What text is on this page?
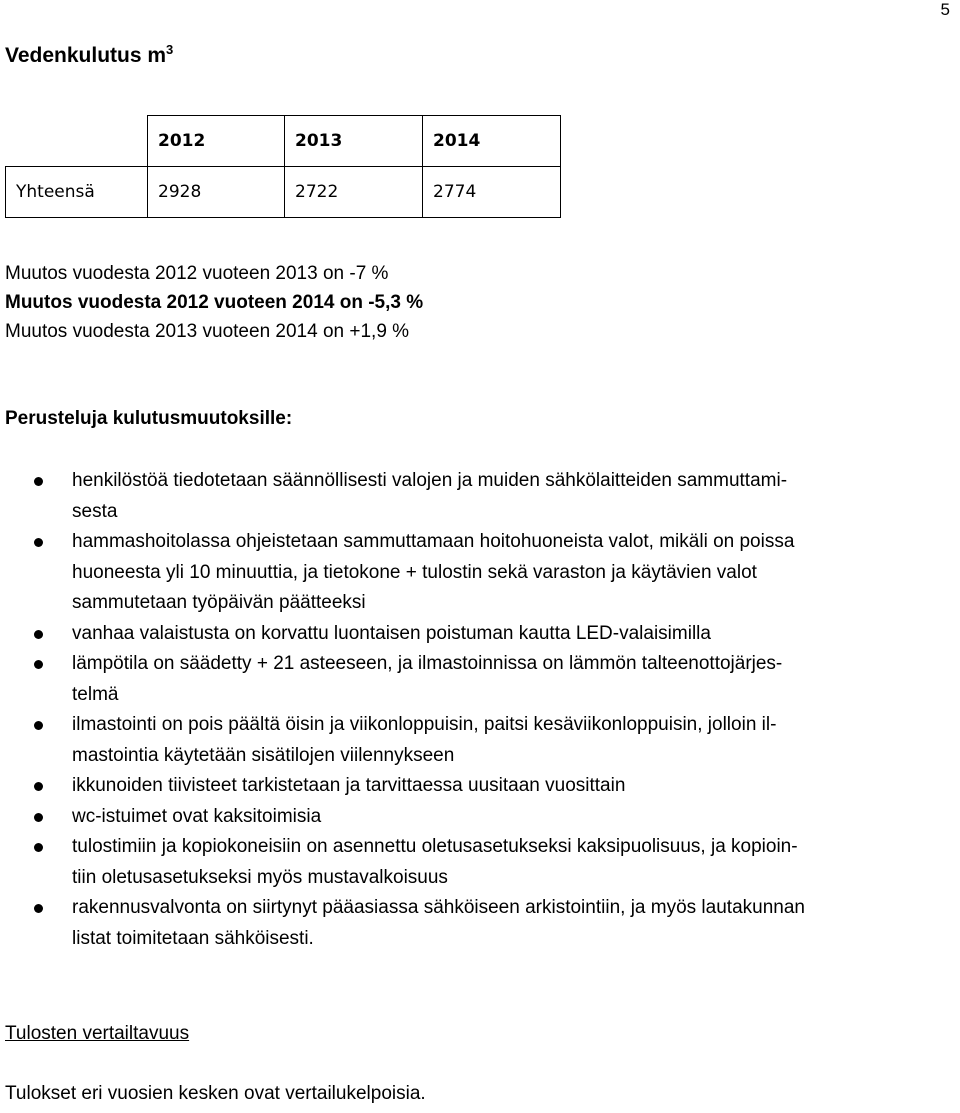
5
Vedenkulutus $m^3$
	2012	2013	2014
Yhteensä	2928	2722	2774
Muutos vuodesta 2012 vuoteen 2013 on -7 %
Muutos vuodesta 2012 vuoteen 2014 on -5,3 %
Muutos vuodesta 2013 vuoteen 2014 on +1,9 %
Perusteluja kulutusmuutoksille:
henkilöstöä tiedotetaan säännöllisesti valojen ja muiden sähkölaitteiden sammuttami-
sesta
hammashoitolassa ohjeistetaan sammuttamaan hoitohuoneista valot, mikäli on poissa
huoneesta yli 10 minuuttia, ja tietokone + tulostin sekä varaston ja käytävien valot
sammutetaan työpäivän päätteeksi
vanhaa valaistusta on korvattu luontaisen poistuman kautta LED-valaisimilla
lämpötila on säädetty + 21 asteeseen, ja ilmastoinnissa on lämmön talteenottojärjes-
telmä
ilmastointi on pois päältä öisin ja viikonloppuisin, paitsi kesäviikonloppuisin, jolloin il-
mastointia käytetään sisätilojen viilennykseen
ikkunoiden tiivisteet tarkistetaan ja tarvittaessa uusitaan vuosittain
wc-istuimet ovat kaksitoimisia
tulostimiin ja kopiokoneisiin on asennettu oletusasetukseksi kaksipuolisuus, ja kopioin-
tiin oletusasetukseksi myös mustavalkoisuus
rakennusvalvonta on siirtynyt pääasiassa sähköiseen arkistointiin, ja myös lautakunnan
listat toimitetaan sähköisesti.
Tulosten vertailtavuus
Tulokset eri vuosien kesken ovat vertailukelpoisia.
